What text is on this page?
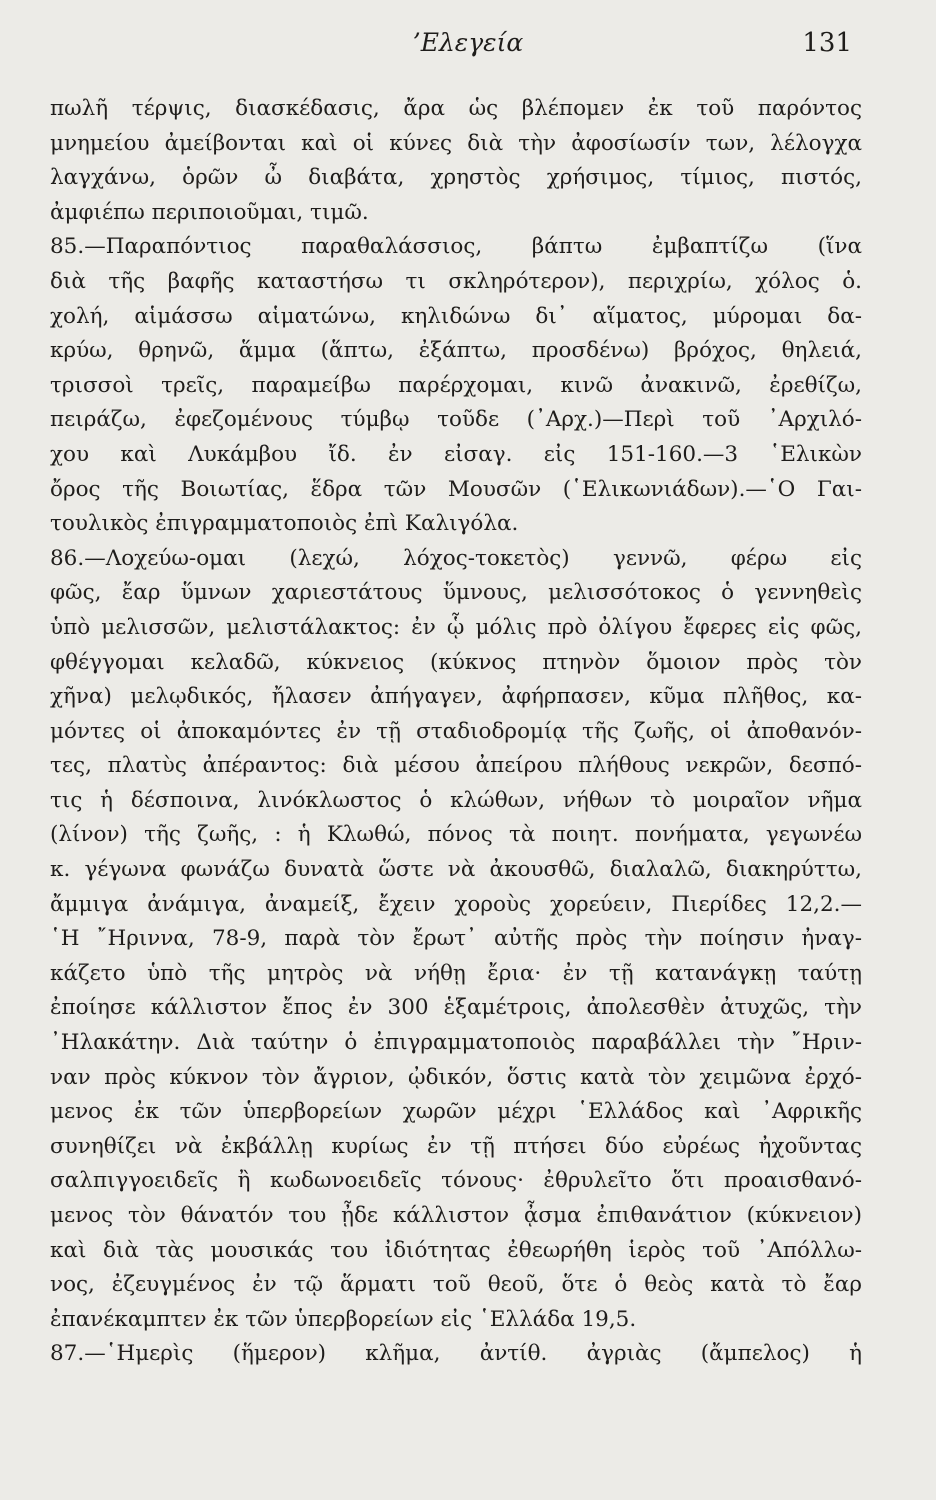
’Ελεγεία	131
πωλῆ τέρψις, διασκέδασις, ἄρα ὡς βλέπομεν ἐκ τοῦ παρόντος
μνημείου ἀμείβονται καὶ οἱ κύνες διὰ τὴν ἀφοσίωσίν των, λέλογχα
λαγχάνω, ὁρῶν ὦ διαβάτα, χρηστὸς χρήσιμος, τίμιος, πιστός,
ἀμφιέπω περιποιοῦμαι, τιμῶ.
85.—Παραπόντιος παραθαλάσσιος, βάπτω ἐμβαπτίζω (ἵνα
διὰ τῆς βαφῆς καταστήσω τι σκληρότερον), περιχρίω, χόλος ὁ.
χολή, αἱμάσσω αἱματώνω, κηλιδώνω δι᾽ αἵματος, μύρομαι δα-
κρύω, θρηνῶ, ἅμμα (ἅπτω, ἐξάπτω, προσδένω) βρόχος, θηλειά,
τρισσοὶ τρεῖς, παραμείβω παρέρχομαι, κινῶ ἀνακινῶ, ἐρεθίζω,
πειράζω, ἐφεζομένους τύμβῳ τοῦδε (᾽Αρχ.)—Περὶ τοῦ ᾽Αρχιλό-
χου καὶ Λυκάμβου ἴδ. ἐν εἰσαγ. εἰς 151-160.—3 ῾Ελικὼν
ὄρος τῆς Βοιωτίας, ἕδρα τῶν Μουσῶν (῾Ελικωνιάδων).—῾Ο Γαι-
τουλικὸς ἐπιγραμματοποιὸς ἐπὶ Καλιγόλα.
86.—Λοχεύω-ομαι (λεχώ, λόχος-τοκετὸς) γεννῶ, φέρω εἰς
φῶς, ἔαρ ὕμνων χαριεστάτους ὕμνους, μελισσότοκος ὁ γεννηθεὶς
ὑπὸ μελισσῶν, μελιστάλακτος: ἐν ᾧ μόλις πρὸ ὀλίγου ἔφερες εἰς φῶς,
φθέγγομαι κελαδῶ, κύκνειος (κύκνος πτηνὸν ὅμοιον πρὸς τὸν
χῆνα) μελῳδικός, ἤλασεν ἀπήγαγεν, ἀφήρπασεν, κῦμα πλῆθος, κα-
μόντες οἱ ἀποκαμόντες ἐν τῇ σταδιοδρομίᾳ τῆς ζωῆς, οἱ ἀποθανόν-
τες, πλατὺς ἀπέραντος: διὰ μέσου ἀπείρου πλήθους νεκρῶν, δεσπό-
τις ἡ δέσποινα, λινόκλωστος ὁ κλώθων, νήθων τὸ μοιραῖον νῆμα
(λίνον) τῆς ζωῆς, : ἡ Κλωθώ, πόνος τὰ ποιητ. πονήματα, γεγωνέω
κ. γέγωνα φωνάζω δυνατὰ ὥστε νὰ ἀκουσθῶ, διαλαλῶ, διακηρύττω,
ἄμμιγα ἀνάμιγα, ἀναμείξ, ἔχειν χοροὺς χορεύειν, Πιερίδες 12,2.—
῾Η ῎Ηριννα, 78-9, παρὰ τὸν ἔρωτ᾽ αὐτῆς πρὸς τὴν ποίησιν ἠναγ-
κάζετο ὑπὸ τῆς μητρὸς νὰ νήθῃ ἔρια· ἐν τῇ κατανάγκῃ ταύτῃ
ἐποίησε κάλλιστον ἔπος ἐν 300 ἑξαμέτροις, ἀπολεσθὲν ἀτυχῶς, τὴν
᾽Ηλακάτην. Διὰ ταύτην ὁ ἐπιγραμματοποιὸς παραβάλλει τὴν ῎Ηριν-
ναν πρὸς κύκνον τὸν ἄγριον, ᾠδικόν, ὅστις κατὰ τὸν χειμῶνα ἐρχό-
μενος ἐκ τῶν ὑπερβορείων χωρῶν μέχρι ῾Ελλάδος καὶ ᾽Αφρικῆς
συνηθίζει νὰ ἐκβάλλῃ κυρίως ἐν τῇ πτήσει δύο εὐρέως ἠχοῦντας
σαλπιγγοειδεῖς ἢ κωδωνοειδεῖς τόνους· ἐθρυλεῖτο ὅτι προαισθανό-
μενος τὸν θάνατόν του ᾖδε κάλλιστον ᾆσμα ἐπιθανάτιον (κύκνειον)
καὶ διὰ τὰς μουσικάς του ἰδιότητας ἐθεωρήθη ἱερὸς τοῦ ᾽Απόλλω-
νος, ἐζευγμένος ἐν τῷ ἅρματι τοῦ θεοῦ, ὅτε ὁ θεὸς κατὰ τὸ ἔαρ
ἐπανέκαμπτεν ἐκ τῶν ὑπερβορείων εἰς ῾Ελλάδα 19,5.
87.—῾Ημερὶς (ἥμερον) κλῆμα, ἀντίθ. ἀγριὰς (ἄμπελος) ἡ
